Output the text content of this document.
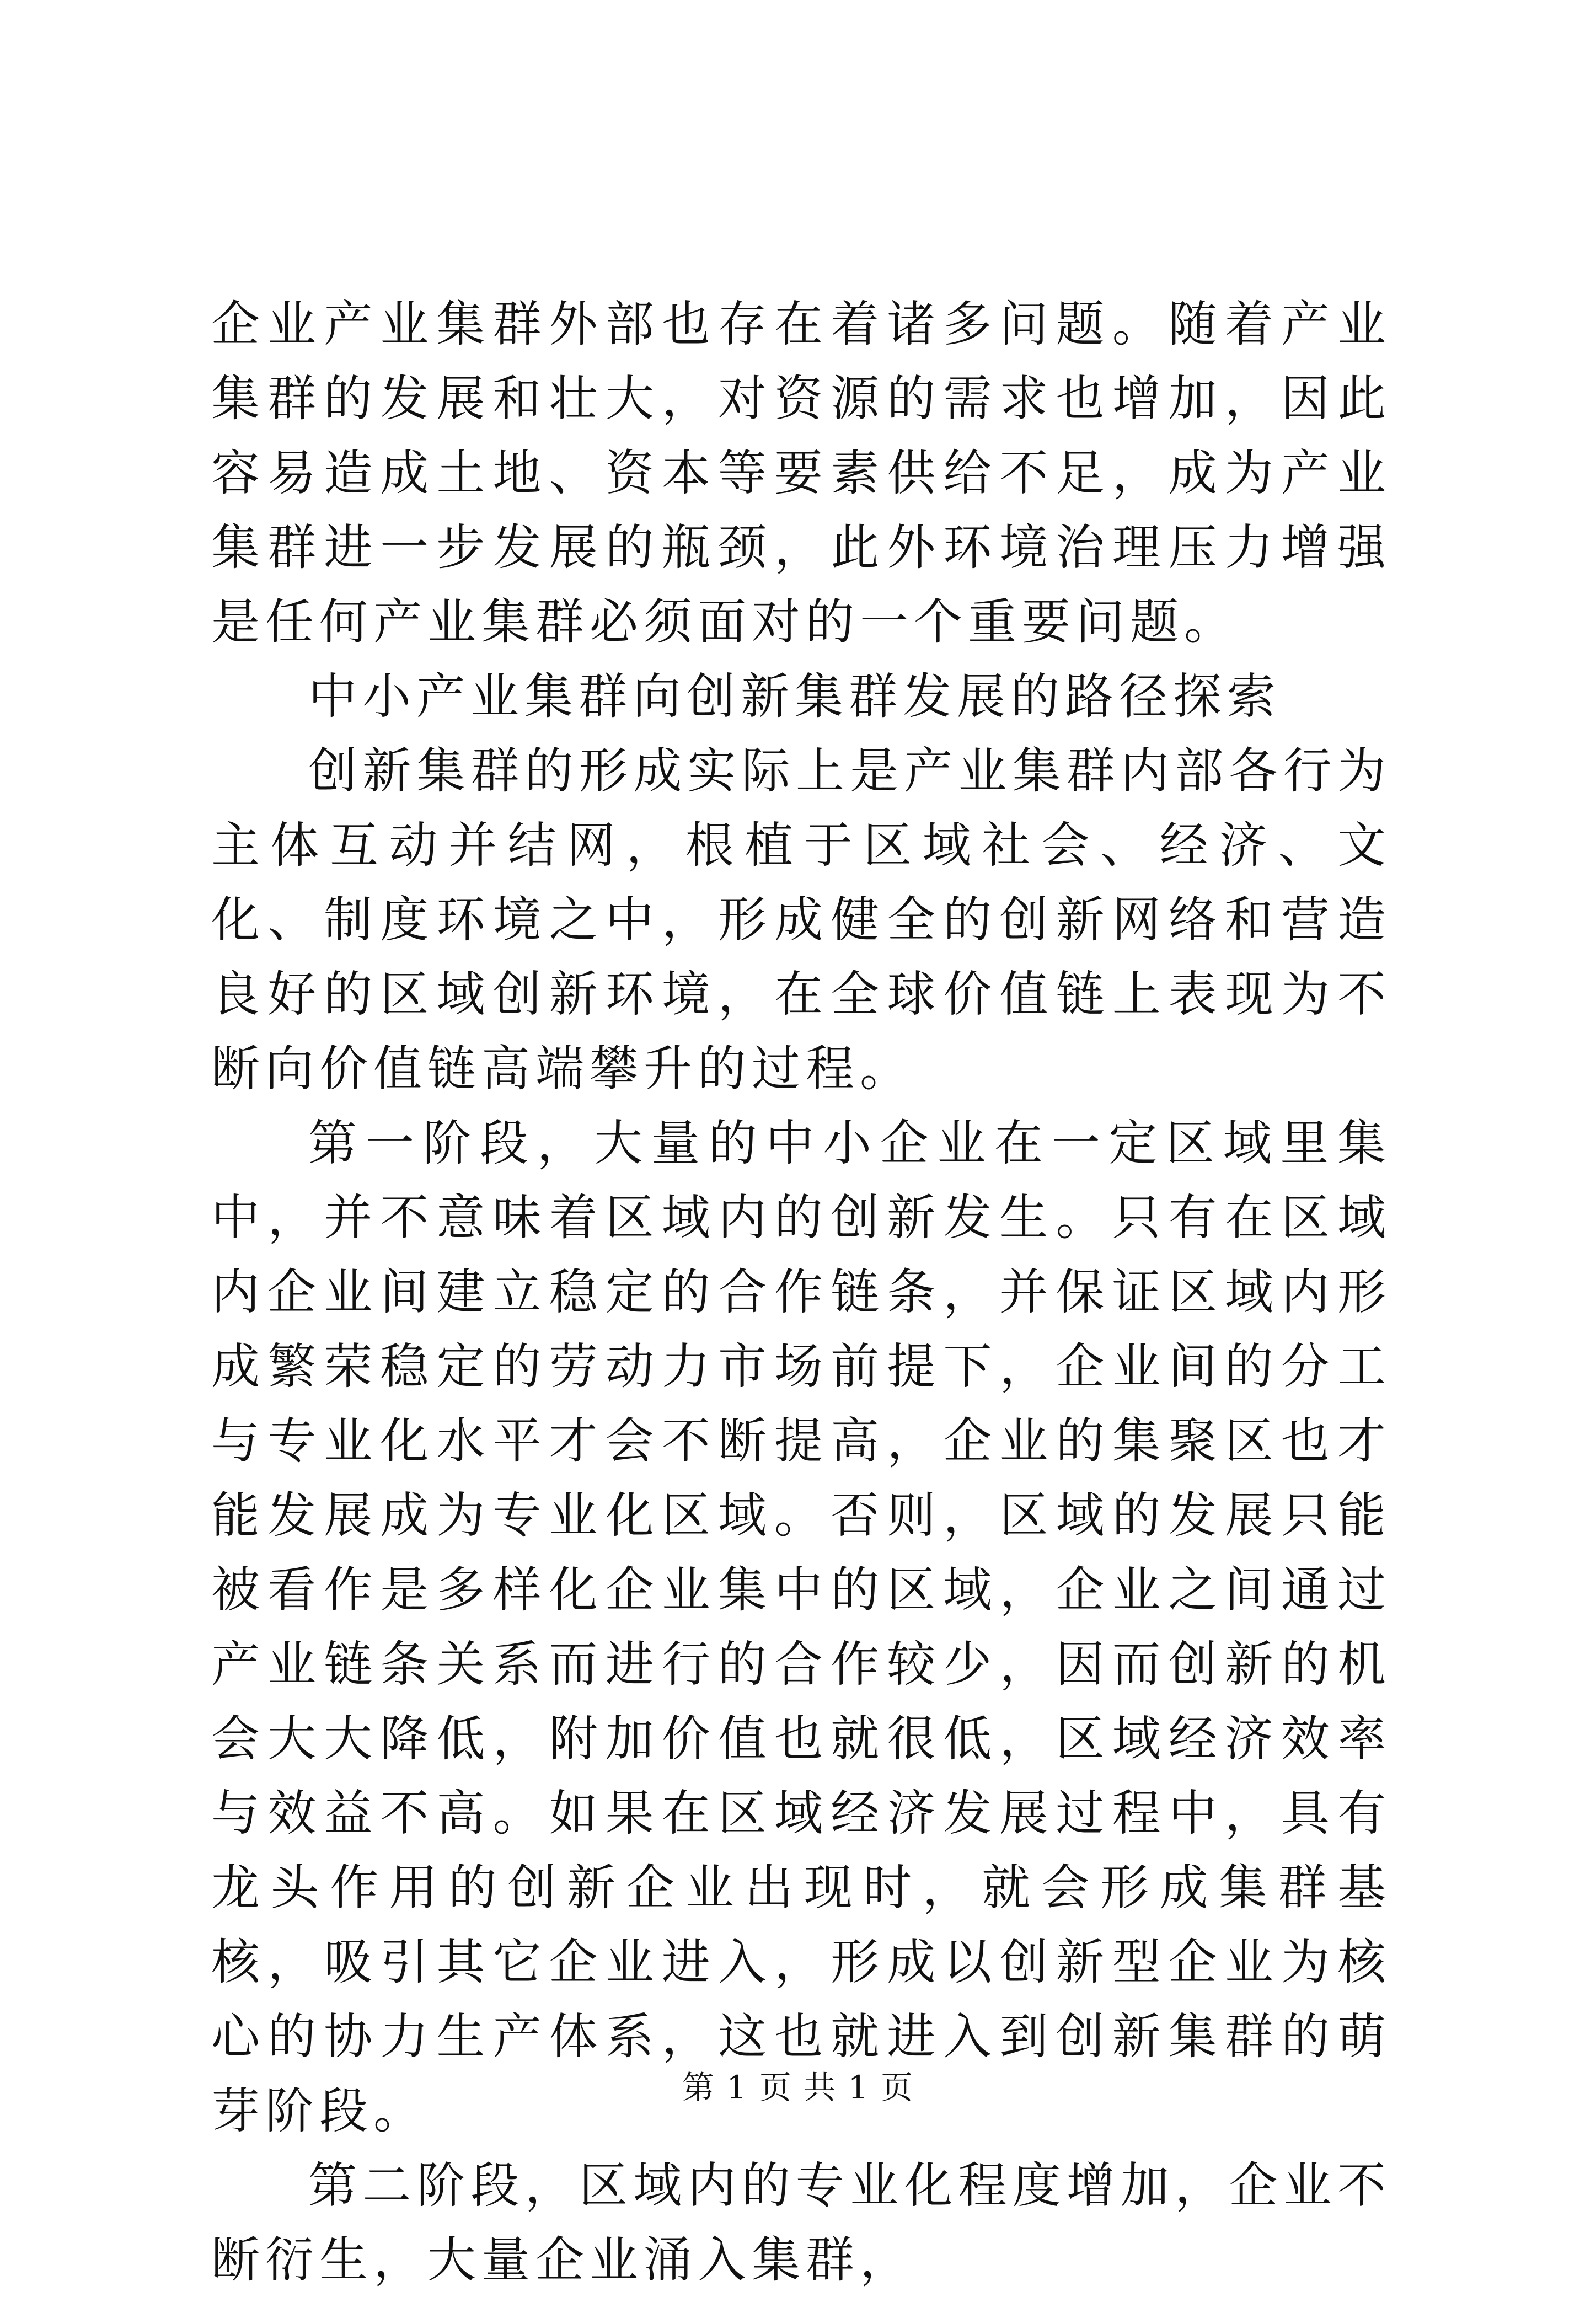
企业产业集群外部也存在着诸多问题。随着产业集群的发展和壮大，对资源的需求也增加，因此容易造成土地、资本等要素供给不足，成为产业集群进一步发展的瓶颈，此外环境治理压力增强是任何产业集群必须面对的一个重要问题。

中小产业集群向创新集群发展的路径探索

创新集群的形成实际上是产业集群内部各行为主体互动并结网，根植于区域社会、经济、文化、制度环境之中，形成健全的创新网络和营造良好的区域创新环境，在全球价值链上表现为不断向价值链高端攀升的过程。

第一阶段，大量的中小企业在一定区域里集中，并不意味着区域内的创新发生。只有在区域内企业间建立稳定的合作链条，并保证区域内形成繁荣稳定的劳动力市场前提下，企业间的分工与专业化水平才会不断提高，企业的集聚区也才能发展成为专业化区域。否则，区域的发展只能被看作是多样化企业集中的区域，企业之间通过产业链条关系而进行的合作较少，因而创新的机会大大降低，附加价值也就很低，区域经济效率与效益不高。如果在区域经济发展过程中，具有龙头作用的创新企业出现时，就会形成集群基核，吸引其它企业进入，形成以创新型企业为核心的协力生产体系，这也就进入到创新集群的萌芽阶段。

第二阶段，区域内的专业化程度增加，企业不断衍生，大量企业涌入集群，

第 1 页 共 1 页
